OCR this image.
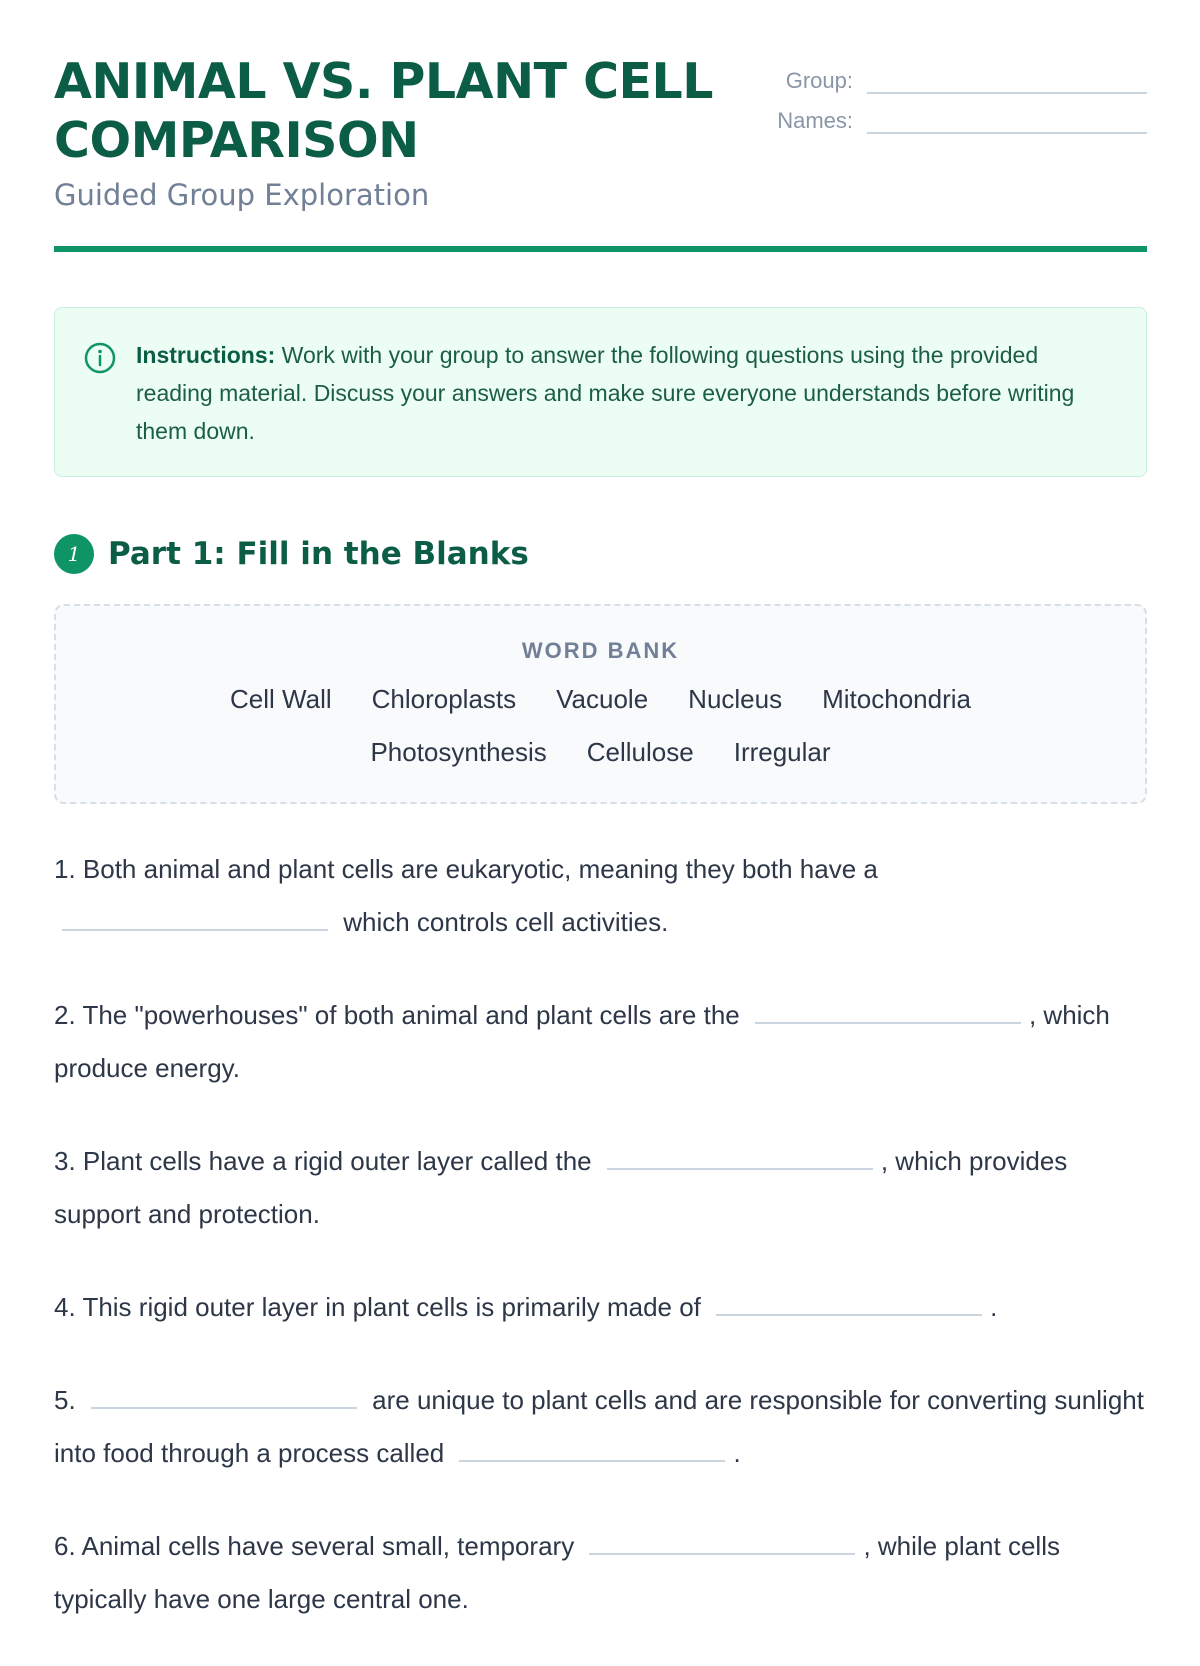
ANIMAL VS. PLANT CELL COMPARISON
Guided Group Exploration
Group:
Names:
Instructions: Work with your group to answer the following questions using the provided reading material. Discuss your answers and make sure everyone understands before writing them down.
1 Part 1: Fill in the Blanks
WORD BANK
Cell Wall Chloroplasts Vacuole Nucleus Mitochondria
Photosynthesis Cellulose Irregular

1. Both animal and plant cells are eukaryotic, meaning they both have a  which controls cell activities.

2. The "powerhouses" of both animal and plant cells are the	, which produce energy.

3. Plant cells have a rigid outer layer called the	, which provides support and protection.

4. This rigid outer layer in plant cells is primarily made of	.

5.	are unique to plant cells and are responsible for converting sunlight into food through a process called	.

6. Animal cells have several small, temporary	, while plant cells typically have one large central one.
